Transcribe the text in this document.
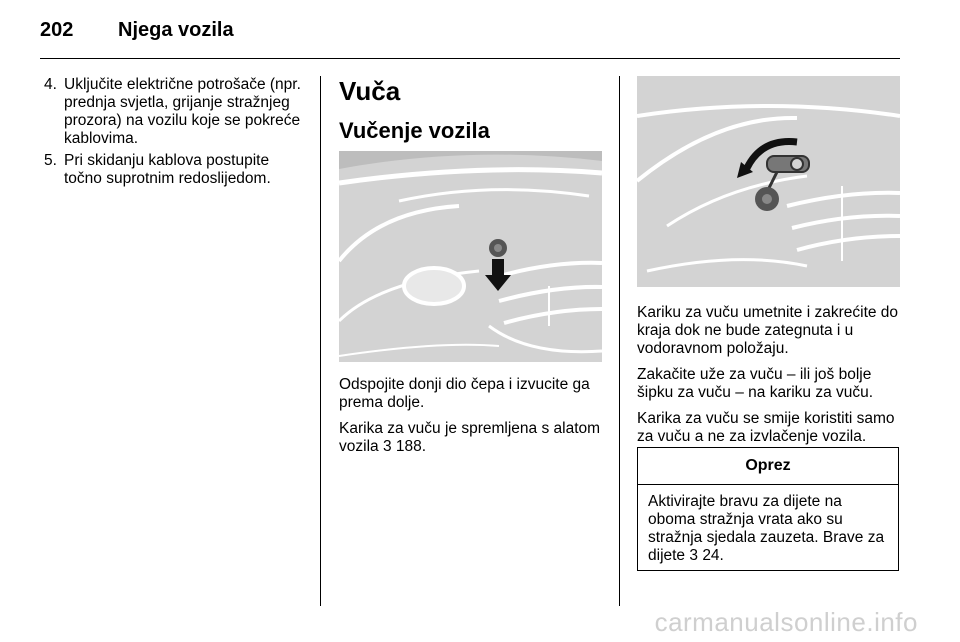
202 Njega vozila
4. Uključite električne potrošače (npr. prednja svjetla, grijanje stražnjeg prozora) na vozilu koje se pokreće kablovima.
5. Pri skidanju kablova postupite točno suprotnim redoslijedom.
Vuča
Vučenje vozila

Odspojite donji dio čepa i izvucite ga prema dolje.

Karika za vuču je spremljena s alatom vozila 3 188.

Kariku za vuču umetnite i zakrećite do kraja dok ne bude zategnuta i u vodoravnom položaju.

Zakačite uže za vuču – ili još bolje šipku za vuču – na kariku za vuču.

Karika za vuču se smije koristiti samo za vuču a ne za izvlačenje vozila.

Oprez
Aktivirajte bravu za dijete na oboma stražnja vrata ako su stražnja sjedala zauzeta. Brave za dijete 3 24.
carmanualsonline.info
